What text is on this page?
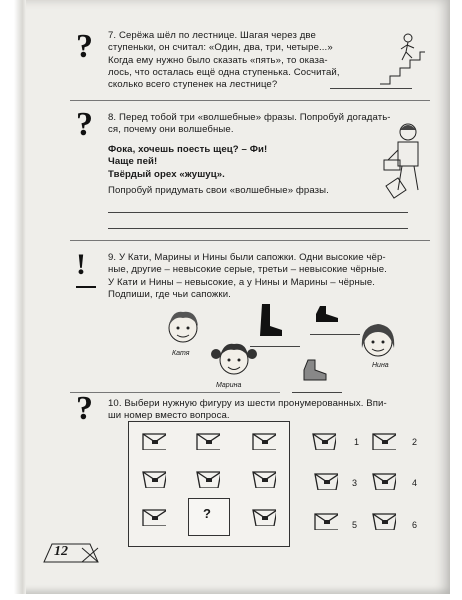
? 7. Серёжа шёл по лестнице. Шагая через две
ступеньки, он считал: «Один, два, три, четыре...»
Когда ему нужно было сказать «пять», то оказа-
лось, что осталась ещё одна ступенька. Сосчитай,
сколько всего ступенек на лестнице?
? 8. Перед тобой три «волшебные» фразы. Попробуй догадать-
ся, почему они волшебные.
Фока, хочешь поесть щец? – Фи!
Чаще пей!
Твёрдый орех «жушуц».
Попробуй придумать свои «волшебные» фразы.
! 9. У Кати, Марины и Нины были сапожки. Одни высокие чёр-
ные, другие – невысокие серые, третьи – невысокие чёрные.
У Кати и Нины – невысокие, а у Нины и Марины – чёрные.
Подпиши, где чьи сапожки.
Катя
Марина
Нина
? 10. Выбери нужную фигуру из шести пронумерованных. Впи-
ши номер вместо вопроса.
?
1	2
3	4
5	6
12
